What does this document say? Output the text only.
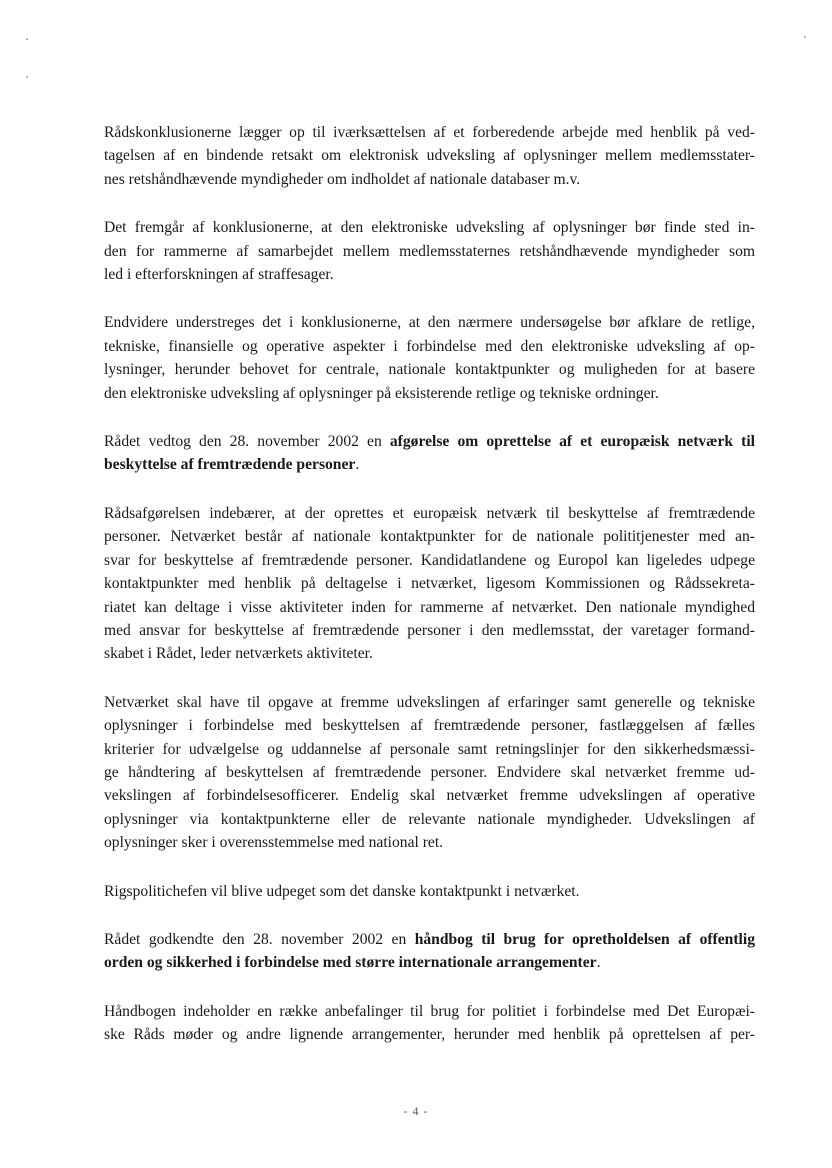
Rådskonklusionerne lægger op til iværksættelsen af et forberedende arbejde med henblik på ved-
tagelsen af en bindende retsakt om elektronisk udveksling af oplysninger mellem medlemsstater-
nes retshåndhævende myndigheder om indholdet af nationale databaser m.v.

Det fremgår af konklusionerne, at den elektroniske udveksling af oplysninger bør finde sted in-
den for rammerne af samarbejdet mellem medlemsstaternes retshåndhævende myndigheder som
led i efterforskningen af straffesager.

Endvidere understreges det i konklusionerne, at den nærmere undersøgelse bør afklare de retlige,
tekniske, finansielle og operative aspekter i forbindelse med den elektroniske udveksling af op-
lysninger, herunder behovet for centrale, nationale kontaktpunkter og muligheden for at basere
den elektroniske udveksling af oplysninger på eksisterende retlige og tekniske ordninger.

Rådet vedtog den 28. november 2002 en afgørelse om oprettelse af et europæisk netværk til
beskyttelse af fremtrædende personer.

Rådsafgørelsen indebærer, at der oprettes et europæisk netværk til beskyttelse af fremtrædende
personer. Netværket består af nationale kontaktpunkter for de nationale polititjenester med an-
svar for beskyttelse af fremtrædende personer. Kandidatlandene og Europol kan ligeledes udpege
kontaktpunkter med henblik på deltagelse i netværket, ligesom Kommissionen og Rådssekreta-
riatet kan deltage i visse aktiviteter inden for rammerne af netværket. Den nationale myndighed
med ansvar for beskyttelse af fremtrædende personer i den medlemsstat, der varetager formand-
skabet i Rådet, leder netværkets aktiviteter.

Netværket skal have til opgave at fremme udvekslingen af erfaringer samt generelle og tekniske
oplysninger i forbindelse med beskyttelsen af fremtrædende personer, fastlæggelsen af fælles
kriterier for udvælgelse og uddannelse af personale samt retningslinjer for den sikkerhedsmæssi-
ge håndtering af beskyttelsen af fremtrædende personer. Endvidere skal netværket fremme ud-
vekslingen af forbindelsesofficerer. Endelig skal netværket fremme udvekslingen af operative
oplysninger via kontaktpunkterne eller de relevante nationale myndigheder. Udvekslingen af
oplysninger sker i overensstemmelse med national ret.

Rigspolitichefen vil blive udpeget som det danske kontaktpunkt i netværket.

Rådet godkendte den 28. november 2002 en håndbog til brug for opretholdelsen af offentlig
orden og sikkerhed i forbindelse med større internationale arrangementer.

Håndbogen indeholder en række anbefalinger til brug for politiet i forbindelse med Det Europæi-
ske Råds møder og andre lignende arrangementer, herunder med henblik på oprettelsen af per-

- 4 -
